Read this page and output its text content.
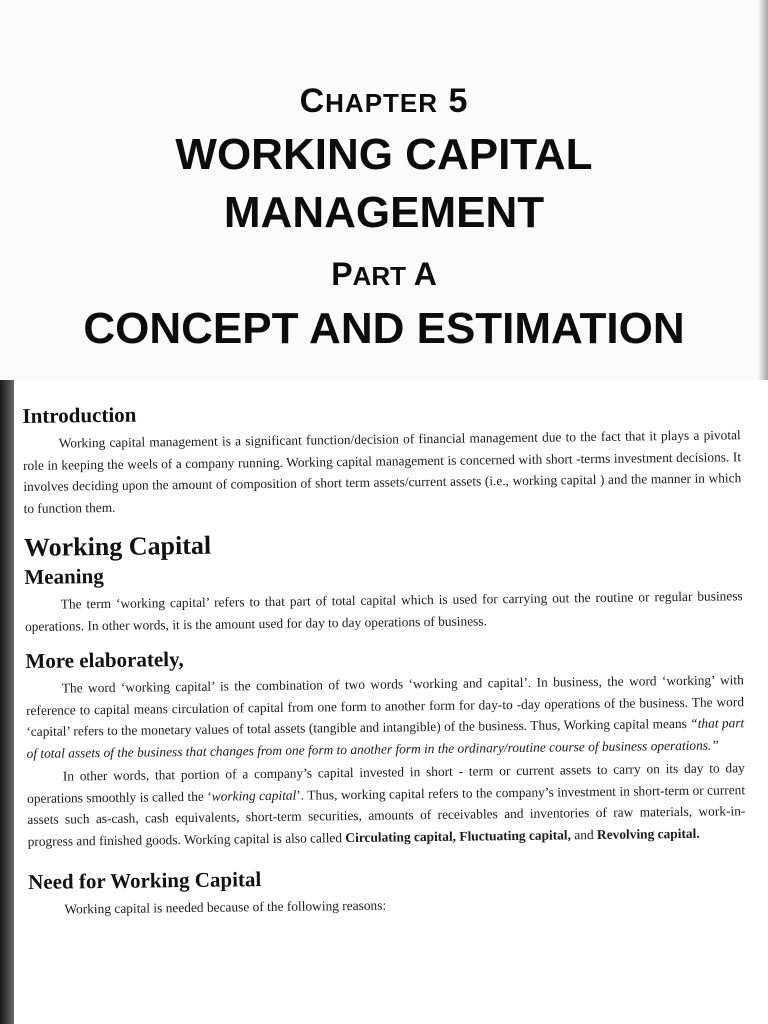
CHAPTER 5
WORKING CAPITAL
MANAGEMENT
PART A
CONCEPT AND ESTIMATION
Introduction

Working capital management is a significant function/decision of financial management due to the fact that it plays a pivotal role in keeping the weels of a company running. Working capital management is concerned with short -terms investment decisions. It involves deciding upon the amount of composition of short term assets/current assets (i.e., working capital ) and the manner in which to function them.

Working Capital
Meaning

The term ‘working capital’ refers to that part of total capital which is used for carrying out the routine or regular business operations. In other words, it is the amount used for day to day operations of business.

More elaborately,

The word ‘working capital’ is the combination of two words ‘working and capital’. In business, the word ‘working’ with reference to capital means circulation of capital from one form to another form for day-to -day operations of the business. The word ‘capital’ refers to the monetary values of total assets (tangible and intangible) of the business. Thus, Working capital means “that part of total assets of the business that changes from one form to another form in the ordinary/routine course of business operations.”

In other words, that portion of a company’s capital invested in short - term or current assets to carry on its day to day operations smoothly is called the ‘working capital’. Thus, working capital refers to the company’s investment in short-term or current assets such as-cash, cash equivalents, short-term securities, amounts of receivables and inventories of raw materials, work-in-progress and finished goods. Working capital is also called Circulating capital, Fluctuating capital, and Revolving capital.

Need for Working Capital

Working capital is needed because of the following reasons:
